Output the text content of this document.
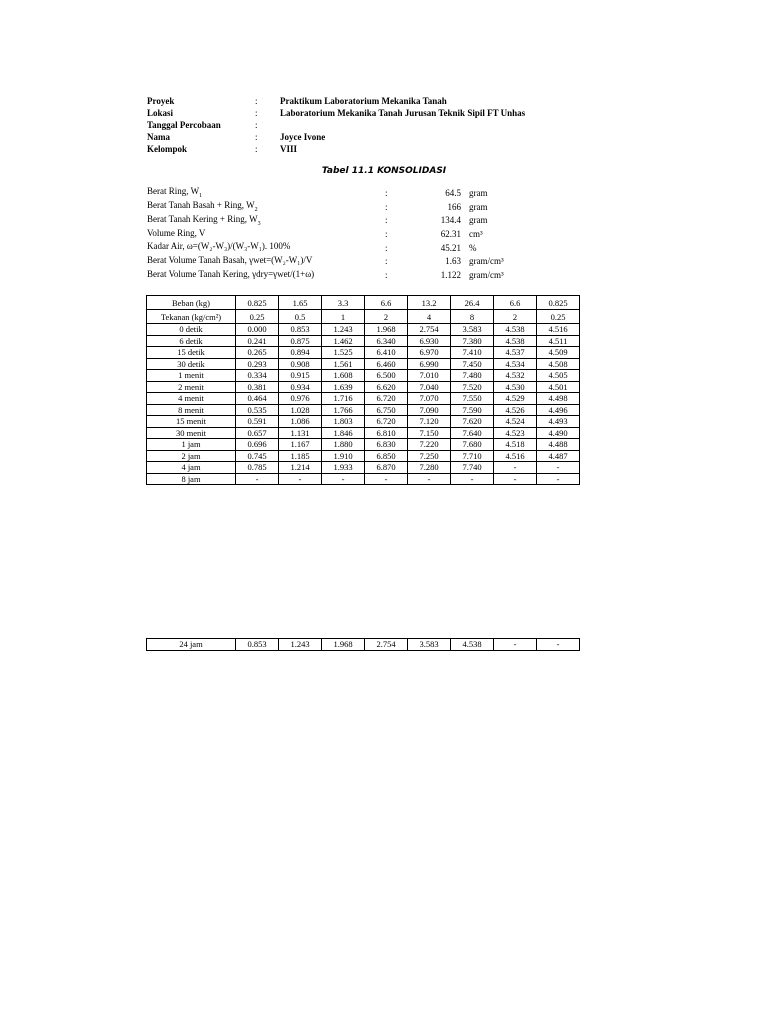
Proyek	:	Praktikum Laboratorium Mekanika Tanah
Lokasi	:	Laboratorium Mekanika Tanah Jurusan Teknik Sipil FT Unhas
Tanggal Percobaan	:
Nama	:	Joyce Ivone
Kelompok	:	VIII
Tabel 11.1 KONSOLIDASI
Berat Ring, $W_1$	:	64.5 gram
Berat Tanah Basah + Ring, $W_2$	:	166 gram
Berat Tanah Kering + Ring, $W_3$	:	134.4 gram
Volume Ring, V	:	62.31 cm³
Kadar Air, ω=(W₂-W₃)/(W₃-W₁). 100%	:	45.21 %
Berat Volume Tanah Basah, γwet=(W₂-W₁)/V	:	1.63 gram/cm³
Berat Volume Tanah Kering, γdry=γwet/(1+ω)	:	1.122 gram/cm³
Beban (kg)	0.825	1.65	3.3	6.6	13.2	26.4	6.6	0.825
Tekanan (kg/cm²)	0.25	0.5	1	2	4	8	2	0.25
0 detik	0.000	0.853	1.243	1.968	2.754	3.583	4.538	4.516
6 detik	0.241	0.875	1.462	6.340	6.930	7.380	4.538	4.511
15 detik	0.265	0.894	1.525	6.410	6.970	7.410	4.537	4.509
30 detik	0.293	0.908	1.561	6.460	6.990	7.450	4.534	4.508
1 menit	0.334	0.915	1.608	6.500	7.010	7.480	4.532	4.505
2 menit	0.381	0.934	1.639	6.620	7.040	7.520	4.530	4.501
4 menit	0.464	0.976	1.716	6.720	7.070	7.550	4.529	4.498
8 menit	0.535	1.028	1.766	6.750	7.090	7.590	4.526	4.496
15 menit	0.591	1.086	1.803	6.720	7.120	7.620	4.524	4.493
30 menit	0.657	1.131	1.846	6.810	7.150	7.640	4.523	4.490
1 jam	0.696	1.167	1.880	6.830	7.220	7.680	4.518	4.488
2 jam	0.745	1.185	1.910	6.850	7.250	7.710	4.516	4.487
4 jam	0.785	1.214	1.933	6.870	7.280	7.740	-	-
8 jam	-	-	-	-	-	-	-	-
24 jam	0.853	1.243	1.968	2.754	3.583	4.538	-	-
